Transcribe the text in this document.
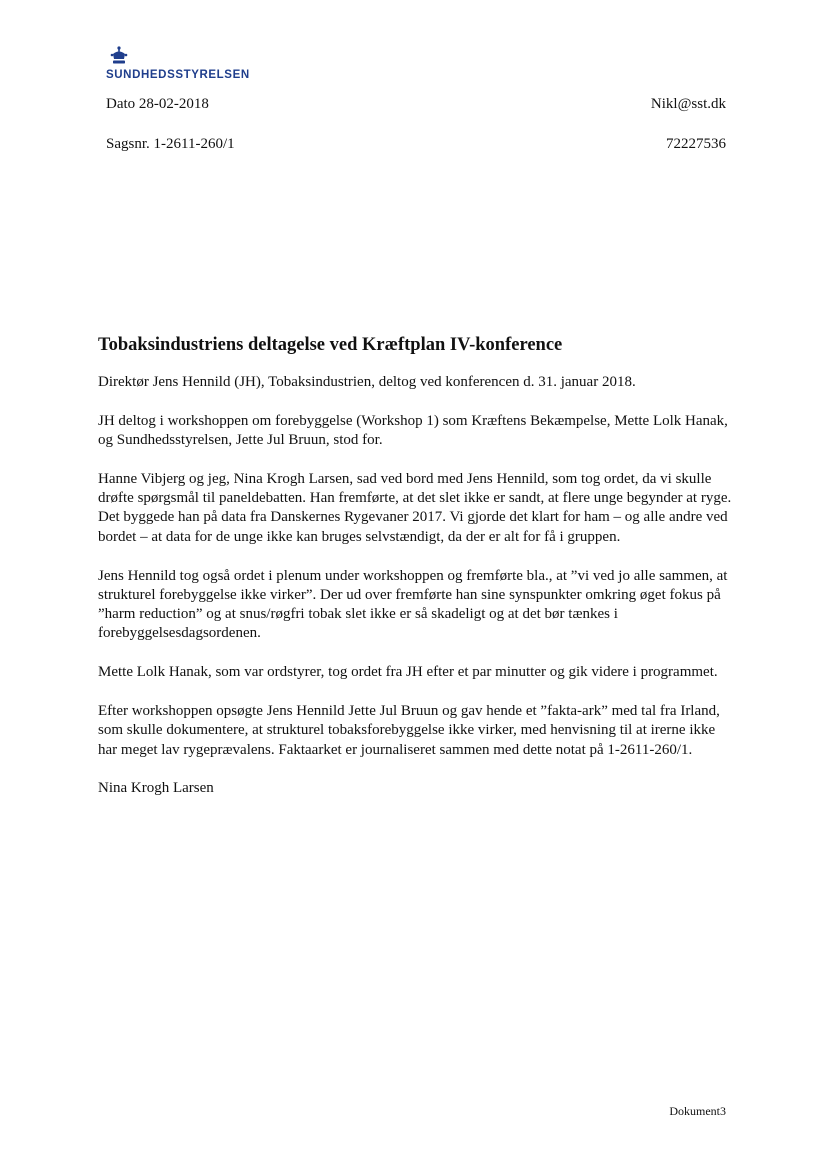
SUNDHEDSSTYRELSEN
Dato 28-02-2018	Nikl@sst.dk
Sagsnr. 1-2611-260/1	72227536
Tobaksindustriens deltagelse ved Kræftplan IV-konference

Direktør Jens Hennild (JH), Tobaksindustrien, deltog ved konferencen d. 31. januar 2018.

JH deltog i workshoppen om forebyggelse (Workshop 1) som Kræftens Bekæmpelse, Mette Lolk Hanak, og Sundhedsstyrelsen, Jette Jul Bruun, stod for.

Hanne Vibjerg og jeg, Nina Krogh Larsen, sad ved bord med Jens Hennild, som tog ordet, da vi skulle drøfte spørgsmål til paneldebatten. Han fremførte, at det slet ikke er sandt, at flere unge begynder at ryge. Det byggede han på data fra Danskernes Rygevaner 2017. Vi gjorde det klart for ham – og alle andre ved bordet – at data for de unge ikke kan bruges selvstændigt, da der er alt for få i gruppen.

Jens Hennild tog også ordet i plenum under workshoppen og fremførte bla., at ”vi ved jo alle sammen, at strukturel forebyggelse ikke virker”. Der ud over fremførte han sine synspunkter omkring øget fokus på ”harm reduction” og at snus/røgfri tobak slet ikke er så skadeligt og at det bør tænkes i forebyggelsesdagsordenen.

Mette Lolk Hanak, som var ordstyrer, tog ordet fra JH efter et par minutter og gik videre i programmet.

Efter workshoppen opsøgte Jens Hennild Jette Jul Bruun og gav hende et ”fakta-ark” med tal fra Irland, som skulle dokumentere, at strukturel tobaksforebyggelse ikke virker, med henvisning til at irerne ikke har meget lav rygeprævalens. Faktaarket er journaliseret sammen med dette notat på 1-2611-260/1.

Nina Krogh Larsen

Dokument3
